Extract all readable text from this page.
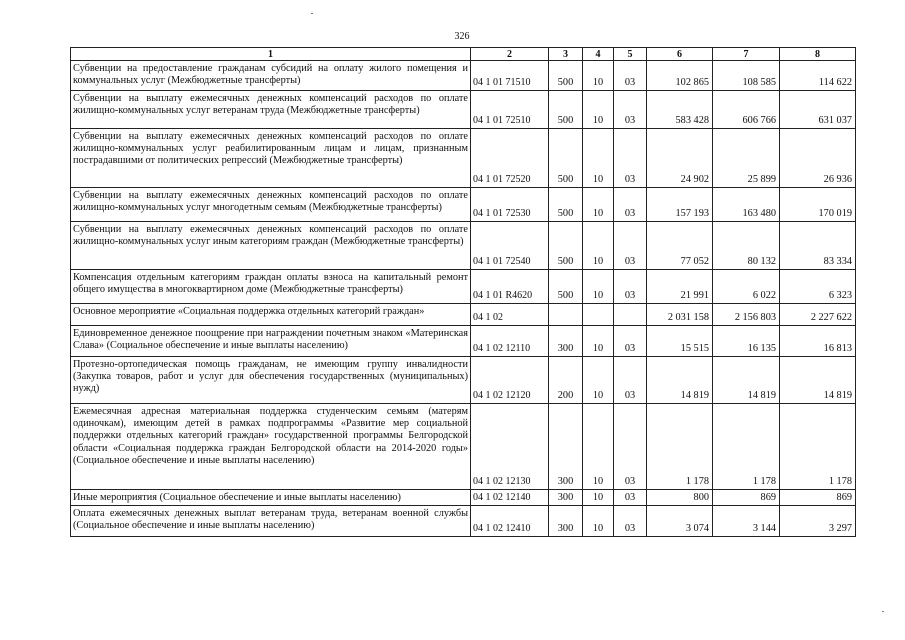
326
1	2	3	4	5	6	7	8
Субвенции на предоставление гражданам субсидий на оплату жилого помещения и коммунальных услуг (Межбюджетные трансферты)	04 1 01 71510	500	10	03	102 865	108 585	114 622
Субвенции на выплату ежемесячных денежных компенсаций расходов по оплате жилищно-коммунальных услуг ветеранам труда (Межбюджетные трансферты)	04 1 01 72510	500	10	03	583 428	606 766	631 037
Субвенции на выплату ежемесячных денежных компенсаций расходов по оплате жилищно-коммунальных услуг реабилитированным лицам и лицам, признанным пострадавшими от политических репрессий (Межбюджетные трансферты)	04 1 01 72520	500	10	03	24 902	25 899	26 936
Субвенции на выплату ежемесячных денежных компенсаций расходов по оплате жилищно-коммунальных услуг многодетным семьям (Межбюджетные трансферты)	04 1 01 72530	500	10	03	157 193	163 480	170 019
Субвенции на выплату ежемесячных денежных компенсаций расходов по оплате жилищно-коммунальных услуг иным категориям граждан (Межбюджетные трансферты)	04 1 01 72540	500	10	03	77 052	80 132	83 334
Компенсация отдельным категориям граждан оплаты взноса на капитальный ремонт общего имущества в многоквартирном доме (Межбюджетные трансферты)	04 1 01 R4620	500	10	03	21 991	6 022	6 323
Основное мероприятие «Социальная поддержка отдельных категорий граждан»	04 1 02				2 031 158	2 156 803	2 227 622
Единовременное денежное поощрение при награждении почетным знаком «Материнская Слава» (Социальное обеспечение и иные выплаты населению)	04 1 02 12110	300	10	03	15 515	16 135	16 813
Протезно-ортопедическая помощь гражданам, не имеющим группу инвалидности (Закупка товаров, работ и услуг для обеспечения государственных (муниципальных) нужд)	04 1 02 12120	200	10	03	14 819	14 819	14 819
Ежемесячная адресная материальная поддержка студенческим семьям (матерям одиночкам), имеющим детей в рамках подпрограммы «Развитие мер социальной поддержки отдельных категорий граждан» государственной программы Белгородской области «Социальная поддержка граждан Белгородской области на 2014-2020 годы» (Социальное обеспечение и иные выплаты населению)	04 1 02 12130	300	10	03	1 178	1 178	1 178
Иные мероприятия (Социальное обеспечение и иные выплаты населению)	04 1 02 12140	300	10	03	800	869	869
Оплата ежемесячных денежных выплат ветеранам труда, ветеранам военной службы (Социальное обеспечение и иные выплаты населению)	04 1 02 12410	300	10	03	3 074	3 144	3 297
